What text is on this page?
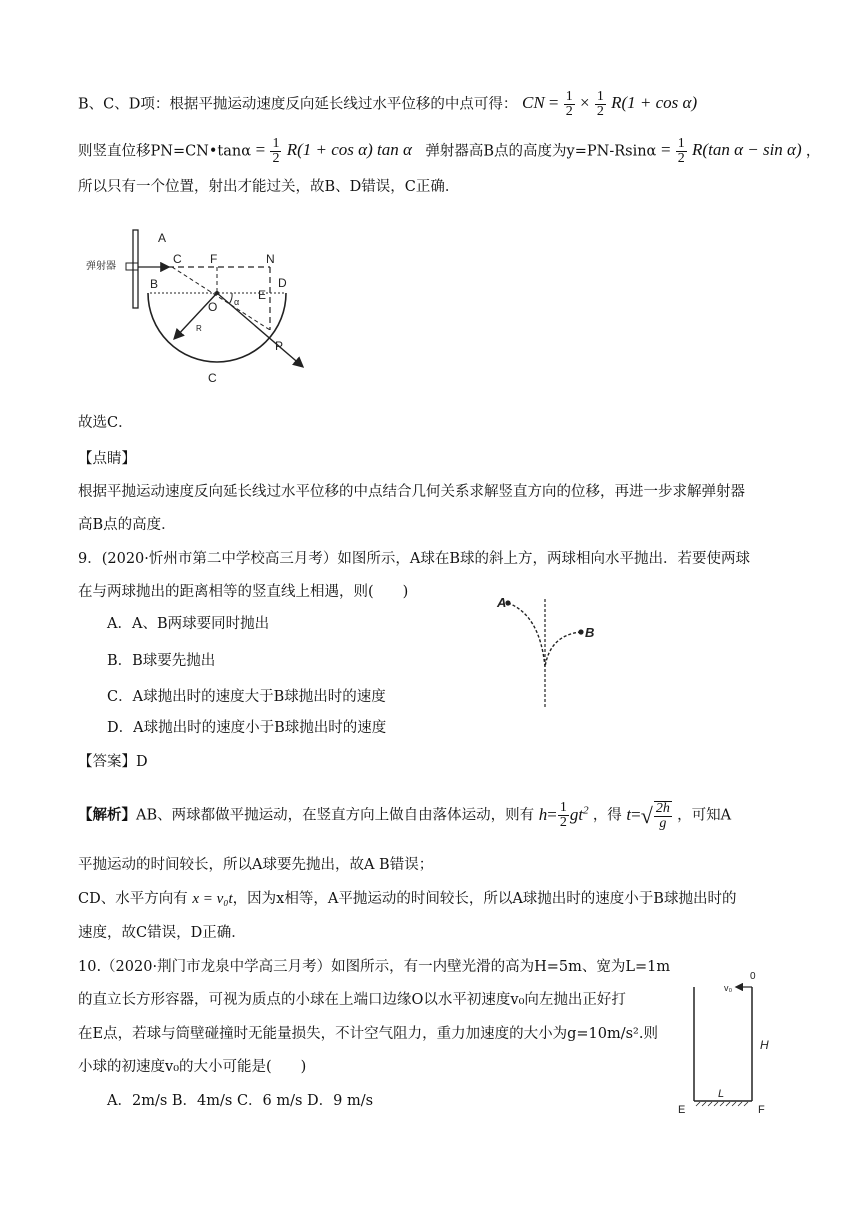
B、C、D项：根据平抛运动速度反向延长线过水平位移的中点可得： CN = $\frac{1}{2} \times \frac{1}{2} R(1 + \cos \alpha)$
则竖直位移PN=CN•tanα = $\frac{1}{2} R(1 + \cos \alpha)$ tan α 弹射器高B点的高度为$y=PN-Rsin\alpha = \frac{1}{2} R(\tan$ α − sin α) ，
所以只有一个位置，射出才能过关，故B、D错误，C正确．
弹射器
A
C F	N
B
O
E
D
P
R
α
C
故选C．
【点睛】
根据平抛运动速度反向延长线过水平位移的中点结合几何关系求解竖直方向的位移，再进一步求解弹射器
高B点的高度．
9．(2020·忻州市第二中学校高三月考）如图所示，A球在B球的斜上方，两球相向水平抛出．若要使两球
在与两球抛出的距离相等的竖直线上相遇，则(　　)
A．A、B两球要同时抛出
B．B球要先抛出
C．A球抛出时的速度大于B球抛出时的速度
D．A球抛出时的速度小于B球抛出时的速度
A
B
【答案】D
【解析】AB、两球都做平抛运动，在竖直方向上做自由落体运动，则有 $h= \frac{1}{2} gt^2$ ，得 $t=√ \frac{2h}{g}$ ，可知A
平抛运动的时间较长，所以A球要先抛出，故A B错误；
CD、水平方向有 x = v₀t，因为x相等，A平抛运动的时间较长，所以A球抛出时的速度小于B球抛出时的
速度，故C错误，D正确．
10.（2020·荆门市龙泉中学高三月考）如图所示，有一内壁光滑的高为H=5m、宽为L=1m
的直立长方形容器，可视为质点的小球在上端口边缘O以水平初速度v₀向左抛出正好打
在E点，若球与筒壁碰撞时无能量损失，不计空气阻力，重力加速度的大小为g=10m/s².则
小球的初速度v₀的大小可能是(　　)
A．2m/s B．4m/s C．6 m/s D．9 m/s
v₀
0
H
L
E	F
